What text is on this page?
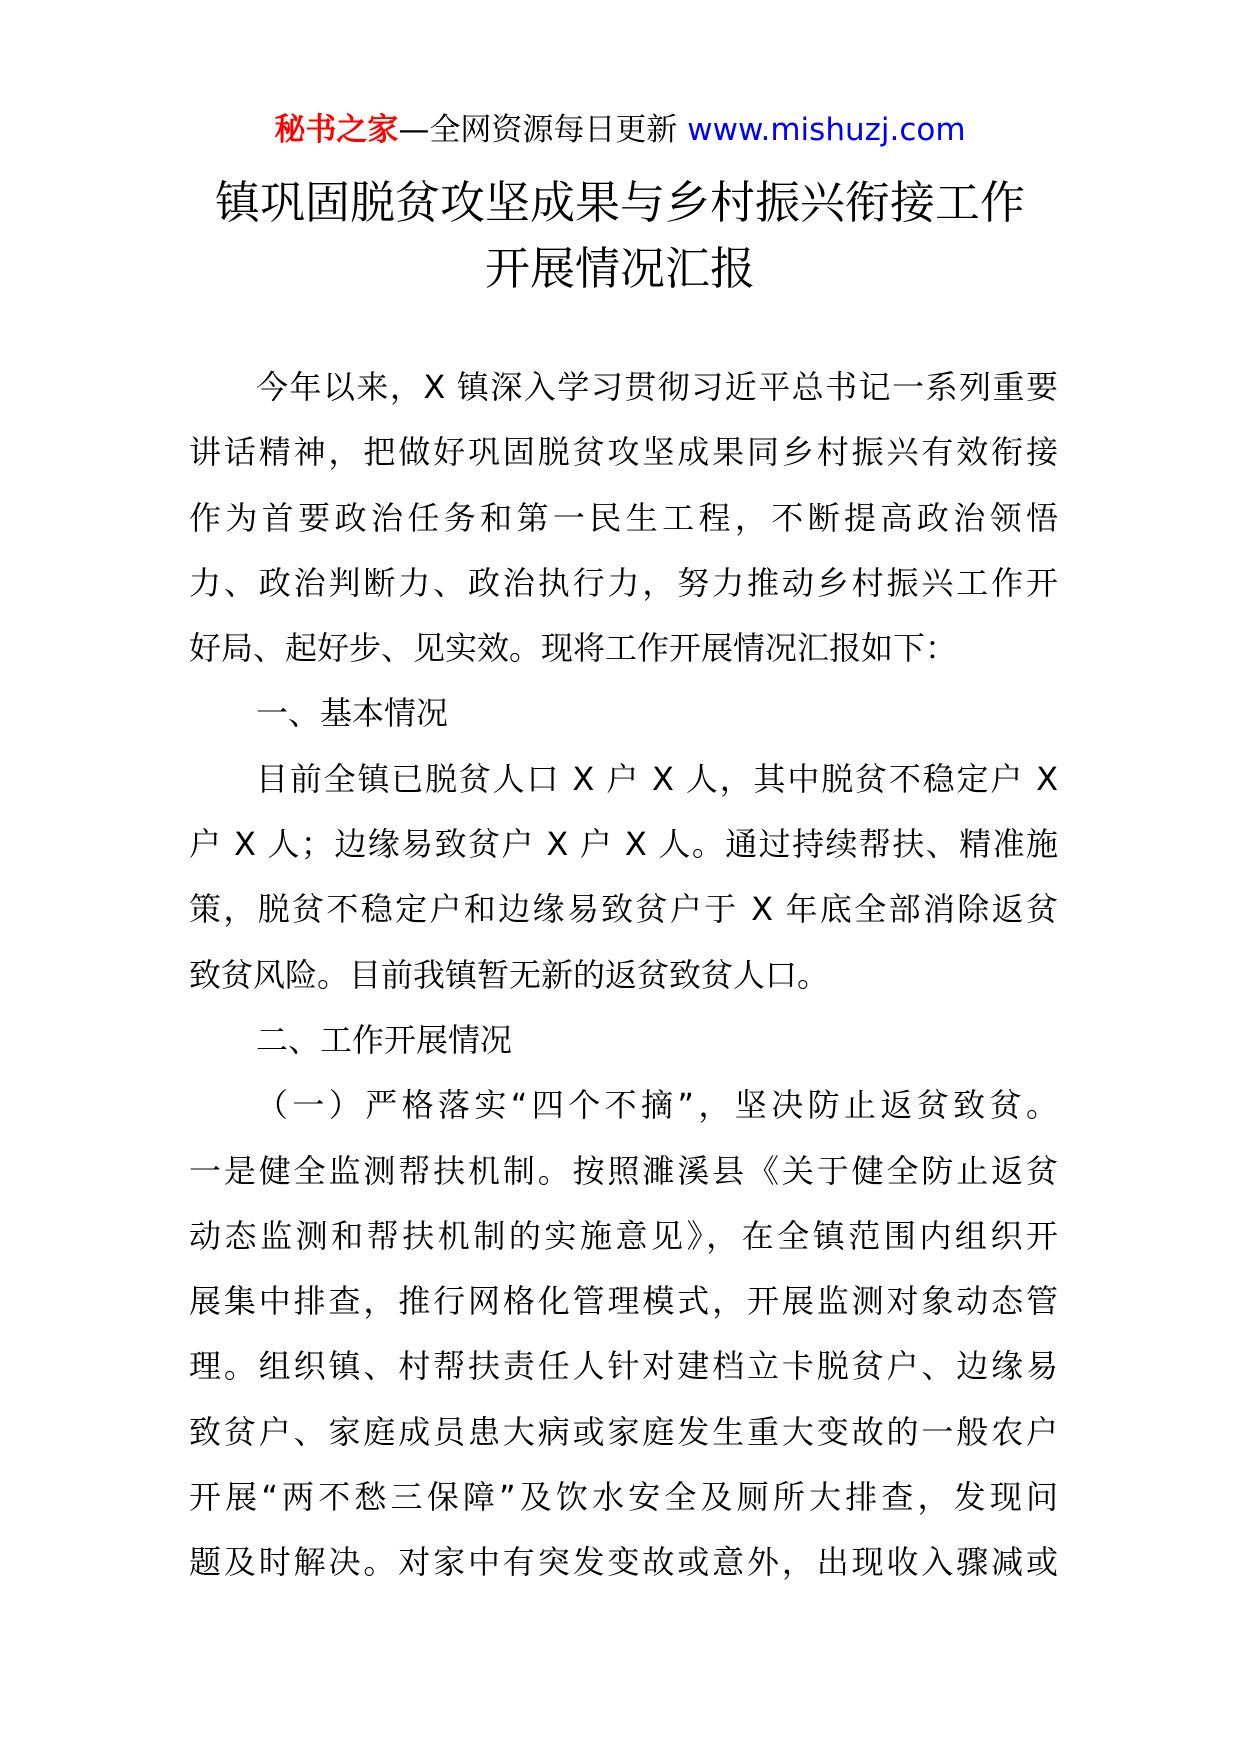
秘书之家—全网资源每日更新 www.mishuzj.com
镇巩固脱贫攻坚成果与乡村振兴衔接工作
开展情况汇报
今年以来，X 镇深入学习贯彻习近平总书记一系列重要
讲话精神，把做好巩固脱贫攻坚成果同乡村振兴有效衔接
作为首要政治任务和第一民生工程，不断提高政治领悟
力、政治判断力、政治执行力，努力推动乡村振兴工作开
好局、起好步、见实效。现将工作开展情况汇报如下：
一、基本情况
目前全镇已脱贫人口 X 户 X 人，其中脱贫不稳定户 X
户 X 人；边缘易致贫户 X 户 X 人。通过持续帮扶、精准施
策，脱贫不稳定户和边缘易致贫户于 X 年底全部消除返贫
致贫风险。目前我镇暂无新的返贫致贫人口。
二、工作开展情况
（一）严格落实“四个不摘”，坚决防止返贫致贫。
一是健全监测帮扶机制。按照濉溪县《关于健全防止返贫
动态监测和帮扶机制的实施意见》，在全镇范围内组织开
展集中排查，推行网格化管理模式，开展监测对象动态管
理。组织镇、村帮扶责任人针对建档立卡脱贫户、边缘易
致贫户、家庭成员患大病或家庭发生重大变故的一般农户
开展“两不愁三保障”及饮水安全及厕所大排查，发现问
题及时解决。对家中有突发变故或意外，出现收入骤减或
